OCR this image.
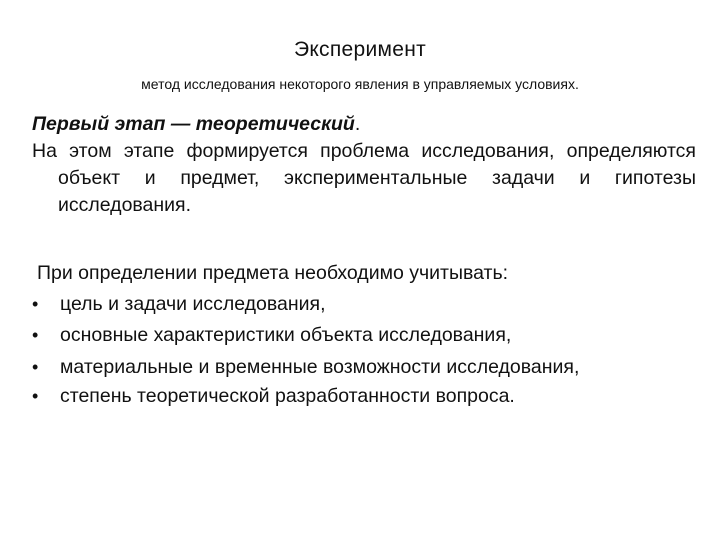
Эксперимент
метод исследования некоторого явления в управляемых условиях.
Первый этап — теоретический.
На этом этапе формируется проблема исследования, определяются объект и предмет, экспериментальные задачи и гипотезы исследования.
При определении предмета необходимо учитывать:
•	цель и задачи исследования,
•	основные характеристики объекта исследования,
•	материальные и временные возможности исследования,
•	степень теоретической разработанности вопроса.
